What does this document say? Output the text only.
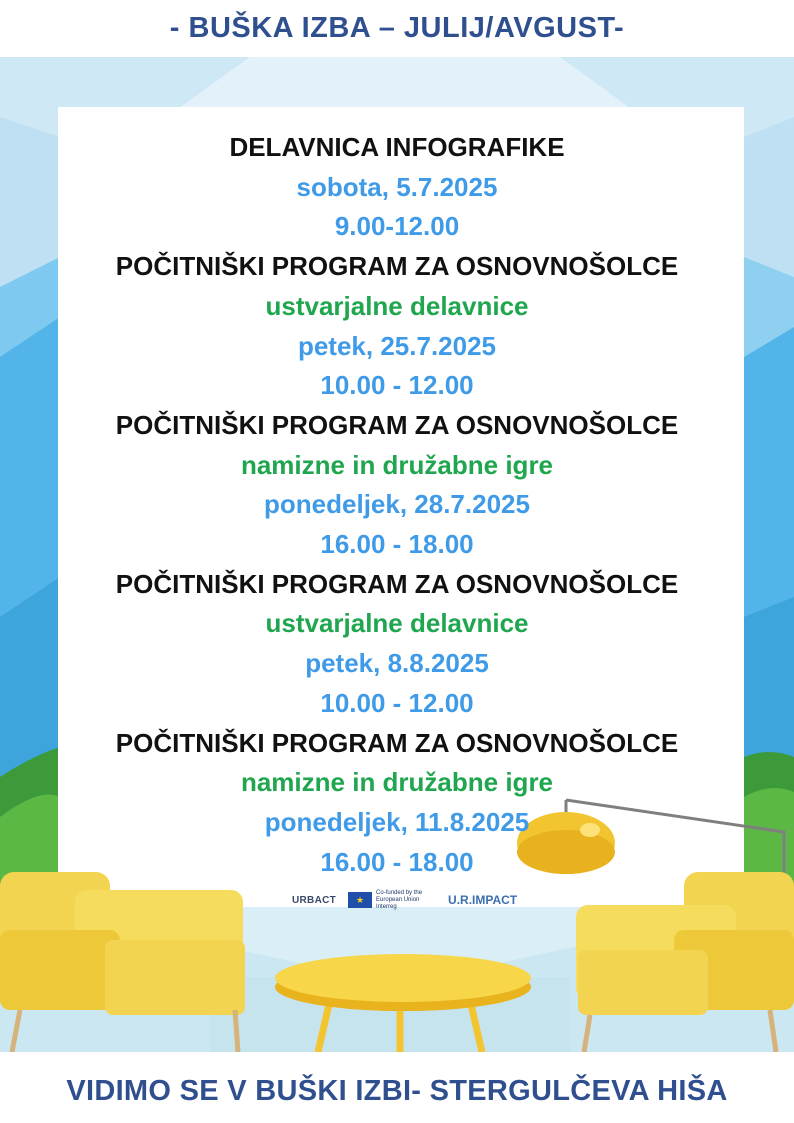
- BUŠKA IZBA – JULIJ/AVGUST-
DELAVNICA INFOGRAFIKE
sobota, 5.7.2025
9.00-12.00
POČITNIŠKI PROGRAM ZA OSNOVNOŠOLCE
ustvarjalne delavnice
petek, 25.7.2025
10.00 - 12.00
POČITNIŠKI PROGRAM ZA OSNOVNOŠOLCE
namizne in družabne igre
ponedeljek, 28.7.2025
16.00 - 18.00
POČITNIŠKI PROGRAM ZA OSNOVNOŠOLCE
ustvarjalne delavnice
petek, 8.8.2025
10.00 - 12.00
POČITNIŠKI PROGRAM ZA OSNOVNOŠOLCE
namizne in družabne igre
ponedeljek, 11.8.2025
16.00 - 18.00
URBACT	★
Co-funded by the European Union
Interreg	U.R.IMPACT
VIDIMO SE V BUŠKI IZBI- STERGULČEVA HIŠA
